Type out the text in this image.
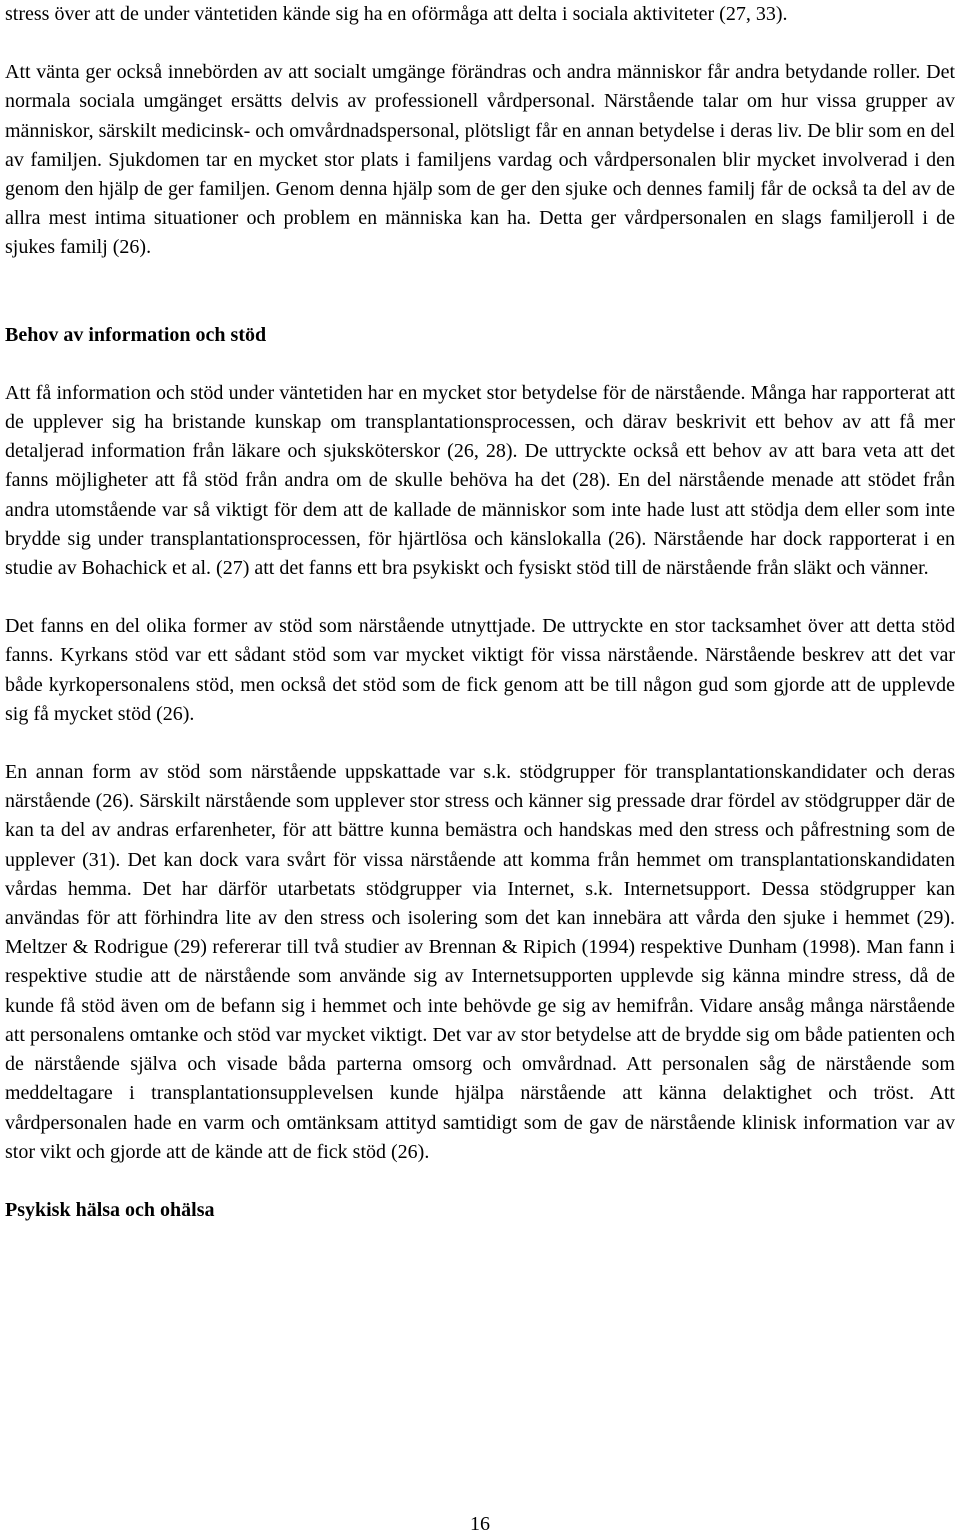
stress över att de under väntetiden kände sig ha en oförmåga att delta i sociala aktiviteter (27, 33).

Att vänta ger också innebörden av att socialt umgänge förändras och andra människor får andra betydande roller. Det normala sociala umgänget ersätts delvis av professionell vårdpersonal. Närstående talar om hur vissa grupper av människor, särskilt medicinsk- och omvårdnadspersonal, plötsligt får en annan betydelse i deras liv. De blir som en del av familjen. Sjukdomen tar en mycket stor plats i familjens vardag och vårdpersonalen blir mycket involverad i den genom den hjälp de ger familjen. Genom denna hjälp som de ger den sjuke och dennes familj får de också ta del av de allra mest intima situationer och problem en människa kan ha. Detta ger vårdpersonalen en slags familjeroll i de sjukes familj (26).

Behov av information och stöd

Att få information och stöd under väntetiden har en mycket stor betydelse för de närstående. Många har rapporterat att de upplever sig ha bristande kunskap om transplantationsprocessen, och därav beskrivit ett behov av att få mer detaljerad information från läkare och sjuksköterskor (26, 28). De uttryckte också ett behov av att bara veta att det fanns möjligheter att få stöd från andra om de skulle behöva ha det (28). En del närstående menade att stödet från andra utomstående var så viktigt för dem att de kallade de människor som inte hade lust att stödja dem eller som inte brydde sig under transplantationsprocessen, för hjärtlösa och känslokalla (26). Närstående har dock rapporterat i en studie av Bohachick et al. (27) att det fanns ett bra psykiskt och fysiskt stöd till de närstående från släkt och vänner.

Det fanns en del olika former av stöd som närstående utnyttjade. De uttryckte en stor tacksamhet över att detta stöd fanns. Kyrkans stöd var ett sådant stöd som var mycket viktigt för vissa närstående. Närstående beskrev att det var både kyrkopersonalens stöd, men också det stöd som de fick genom att be till någon gud som gjorde att de upplevde sig få mycket stöd (26).

En annan form av stöd som närstående uppskattade var s.k. stödgrupper för transplantationskandidater och deras närstående (26). Särskilt närstående som upplever stor stress och känner sig pressade drar fördel av stödgrupper där de kan ta del av andras erfarenheter, för att bättre kunna bemästra och handskas med den stress och påfrestning som de upplever (31). Det kan dock vara svårt för vissa närstående att komma från hemmet om transplantationskandidaten vårdas hemma. Det har därför utarbetats stödgrupper via Internet, s.k. Internetsupport. Dessa stödgrupper kan användas för att förhindra lite av den stress och isolering som det kan innebära att vårda den sjuke i hemmet (29). Meltzer & Rodrigue (29) refererar till två studier av Brennan & Ripich (1994) respektive Dunham (1998). Man fann i respektive studie att de närstående som använde sig av Internetsupporten upplevde sig känna mindre stress, då de kunde få stöd även om de befann sig i hemmet och inte behövde ge sig av hemifrån. Vidare ansåg många närstående att personalens omtanke och stöd var mycket viktigt. Det var av stor betydelse att de brydde sig om både patienten och de närstående själva och visade båda parterna omsorg och omvårdnad. Att personalen såg de närstående som meddeltagare i transplantationsupplevelsen kunde hjälpa närstående att känna delaktighet och tröst. Att vårdpersonalen hade en varm och omtänksam attityd samtidigt som de gav de närstående klinisk information var av stor vikt och gjorde att de kände att de fick stöd (26).

Psykisk hälsa och ohälsa
16
